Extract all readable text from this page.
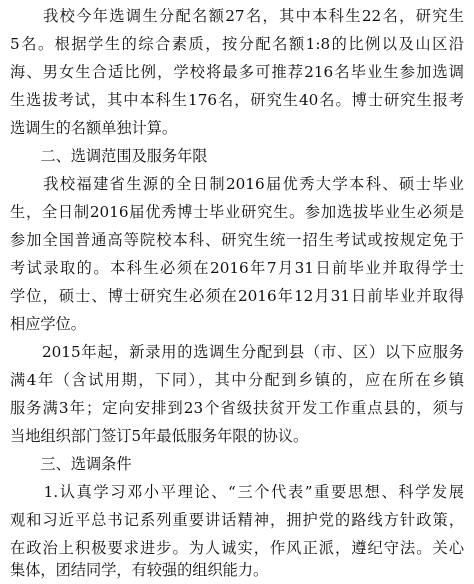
　　我校今年选调生分配名额27名，其中本科生22名，研究生
5名。根据学生的综合素质，按分配名额1:8的比例以及山区沿
海、男女生合适比例，学校将最多可推荐216名毕业生参加选调
生选拔考试，其中本科生176名，研究生40名。博士研究生报考
选调生的名额单独计算。
　　二、选调范围及服务年限
　　我校福建省生源的全日制2016届优秀大学本科、硕士毕业
生，全日制2016届优秀博士毕业研究生。参加选拔毕业生必须是
参加全国普通高等院校本科、研究生统一招生考试或按规定免于
考试录取的。本科生必须在2016年7月31日前毕业并取得学士
学位，硕士、博士研究生必须在2016年12月31日前毕业并取得
相应学位。
　　2015年起，新录用的选调生分配到县（市、区）以下应服务
满4年（含试用期，下同），其中分配到乡镇的，应在所在乡镇
服务满3年；定向安排到23个省级扶贫开发工作重点县的，须与
当地组织部门签订5年最低服务年限的协议。
　　三、选调条件
　　1.认真学习邓小平理论、“三个代表”重要思想、科学发展
观和习近平总书记系列重要讲话精神，拥护党的路线方针政策，
在政治上积极要求进步。为人诚实，作风正派，遵纪守法。关心
集体，团结同学，有较强的组织能力。
